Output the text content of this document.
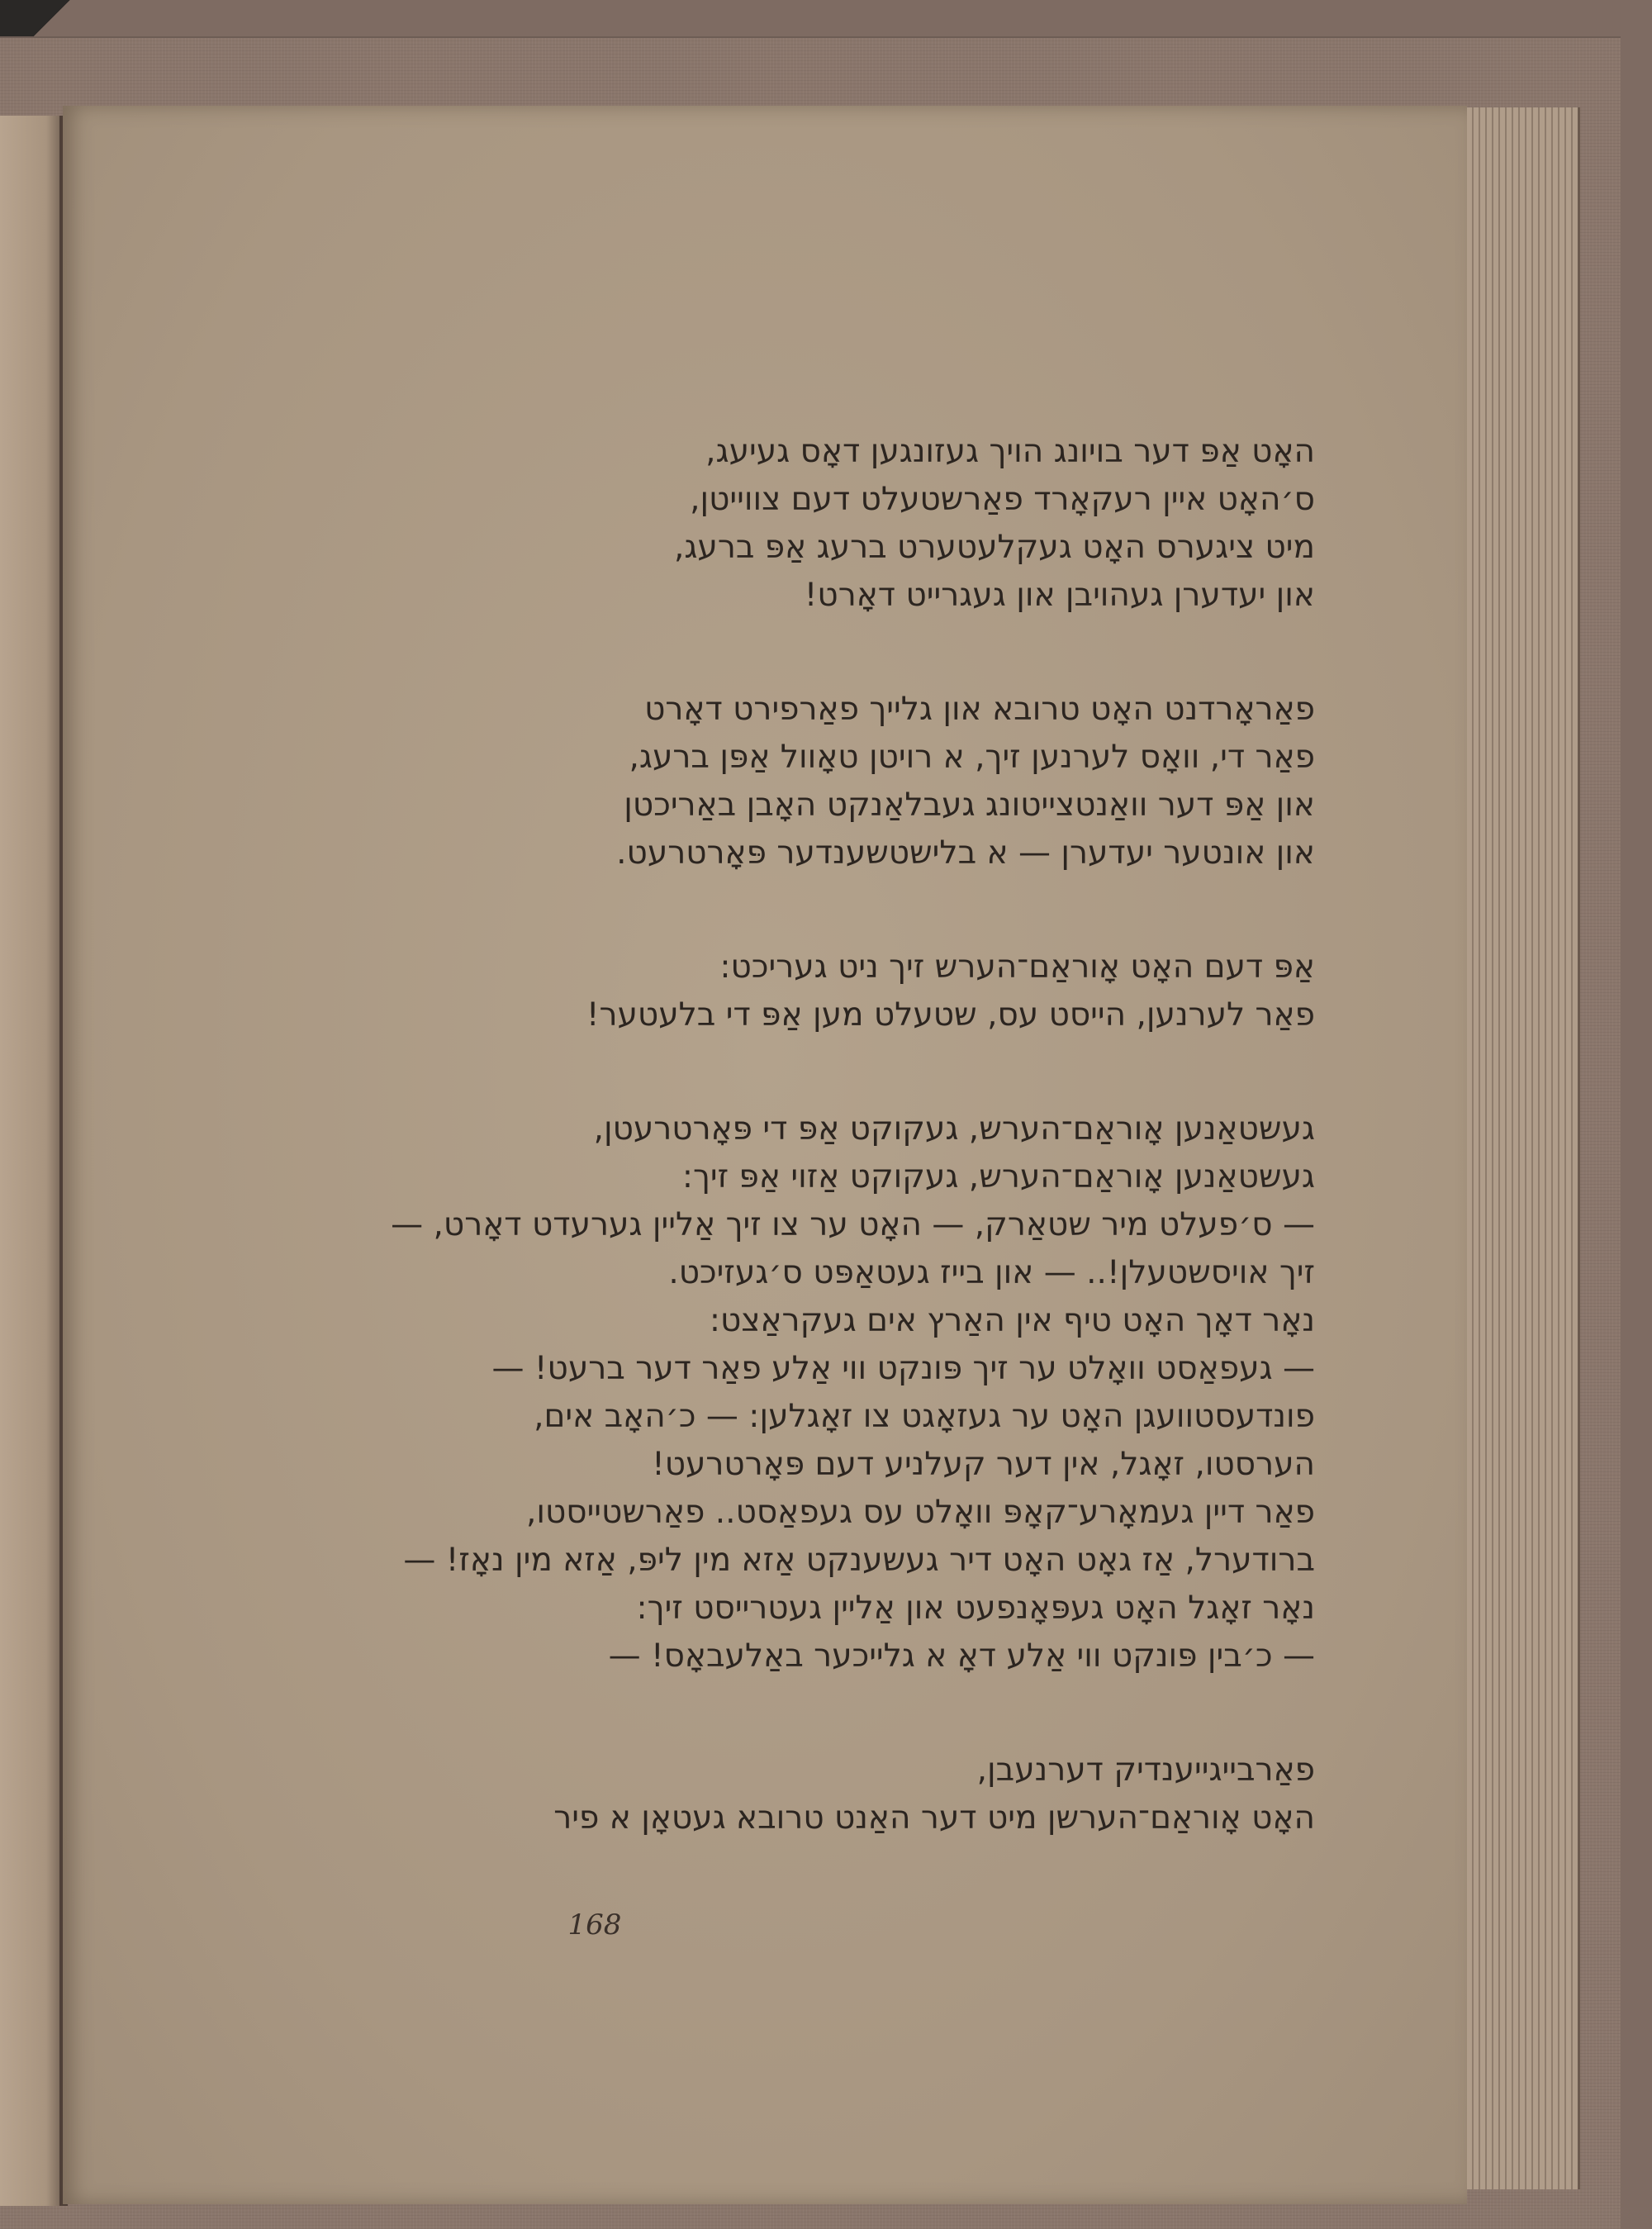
האָט אַפּ דער בויונג הויך געזונגען דאָס געיעג,
ס׳האָט איין רעקאָרד פאַרשטעלט דעם צווייטן,
מיט ציגערס האָט געקלעטערט ברעג אַפּ ברעג,
און יעדערן געהויבן און געגרייט דאָרט!
פאַראָרדנט האָט טרובא און גלייך פאַרפירט דאָרט
פאַר די, וואָס לערנען זיך, א רויטן טאָוול אַפּן ברעג,
און אַפּ דער וואַנטצייטונג געבלאַנקט האָבן באַריכטן
און אונטער יעדערן — א בלישטשענדער פּאָרטרעט.
אַפּ דעם האָט אָוראַם־הערש זיך ניט געריכט:
פאַר לערנען, הייסט עס, שטעלט מען אַפּ די בלעטער!
געשטאַנען אָוראַם־הערש, געקוקט אַפּ די פּאָרטרעטן,
געשטאַנען אָוראַם־הערש, געקוקט אַזוי אַפּ זיך:
— ס׳פעלט מיר שטאַרק, — האָט ער צו זיך אַליין גערעדט דאָרט, —
זיך אויסשטעלן!.. — און בייז געטאַפּט ס׳געזיכט.
נאָר דאָך האָט טיף אין האַרץ אים געקראַצט:
— געפאַסט וואָלט ער זיך פּונקט ווי אַלע פאַר דער ברעט! —
פונדעסטוועגן האָט ער געזאָגט צו זאָגלען: — כ׳האָב אים,
הערסטו, זאָגל, אין דער קעלניע דעם פּאָרטרעט!
פאַר דיין געמאָרע־קאָפּ וואָלט עס געפאַסט.. פאַרשטייסטו,
ברודערל, אַז גאָט האָט דיר געשענקט אַזא מין ליפּ, אַזא מין נאָז! —
נאָר זאָגל האָט געפּאָנפעט און אַליין געטרייסט זיך:
— כ׳בין פּונקט ווי אַלע דאָ א גלייכער באַלעבאָס! —
פאַרבייגייענדיק דערנעבן,
האָט אָוראַם־הערשן מיט דער האַנט טרובא געטאָן א פיר
168
